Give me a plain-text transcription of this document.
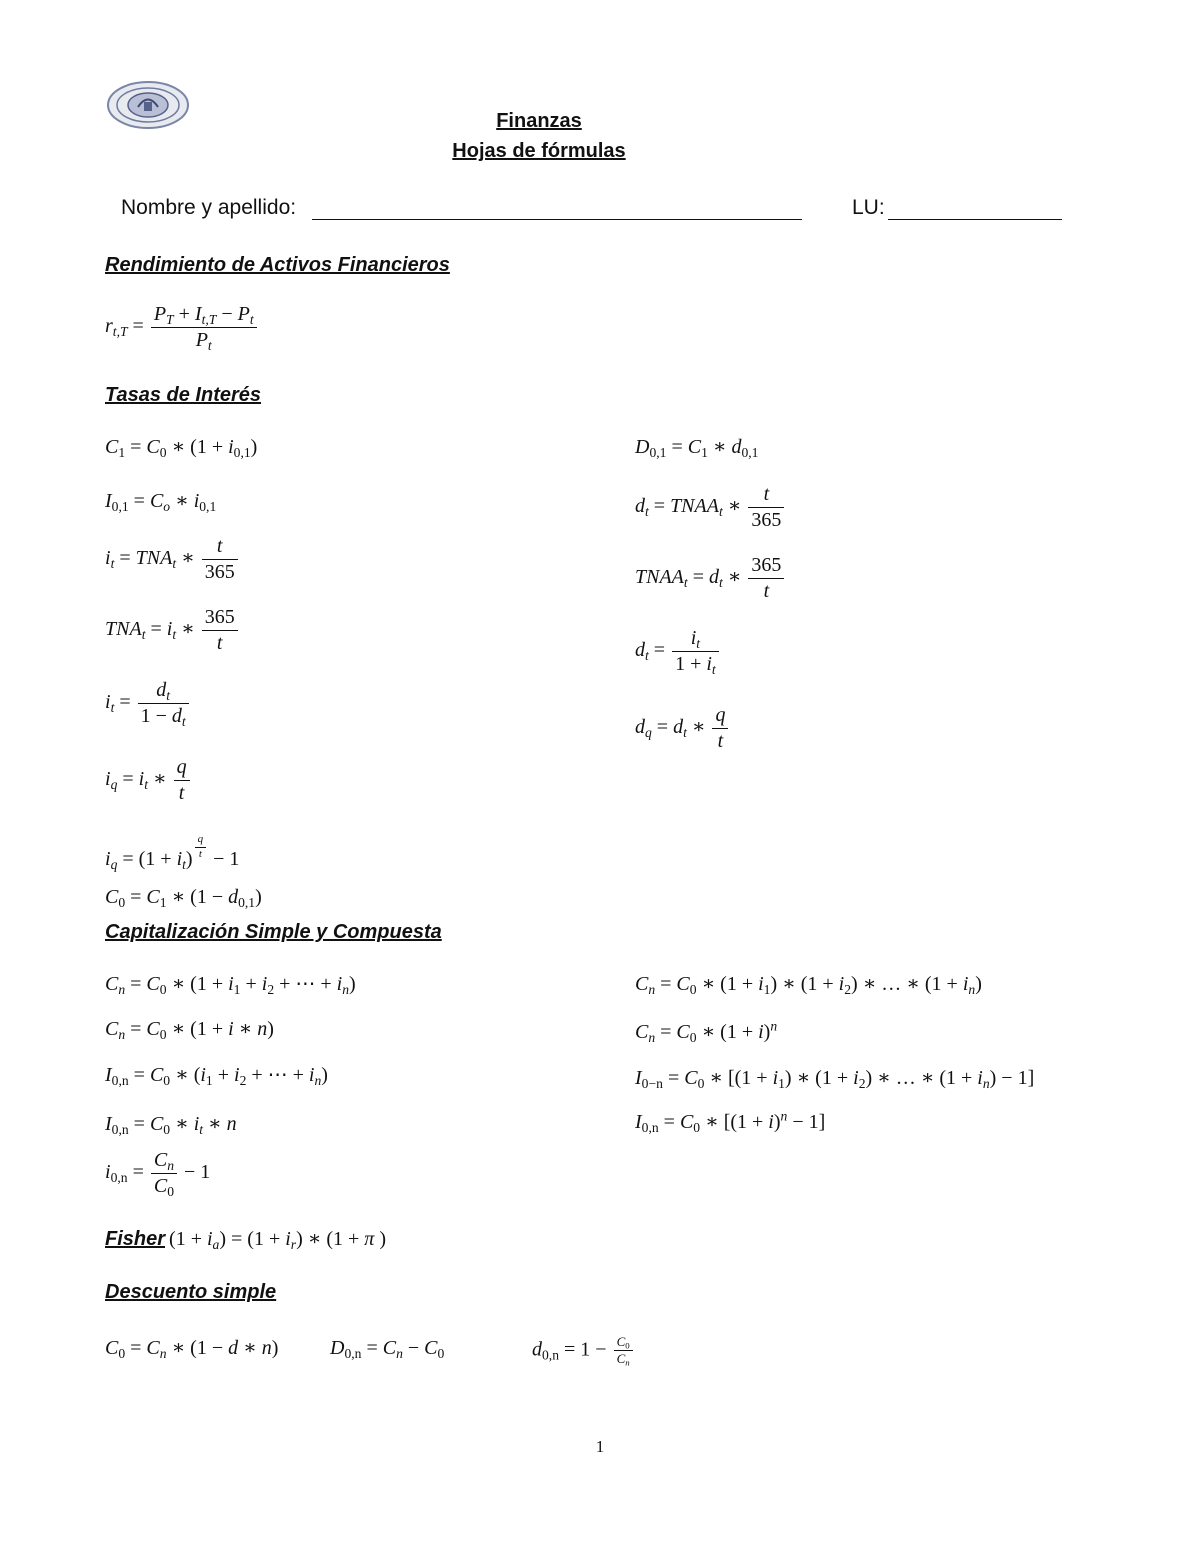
Finanzas
Hojas de fórmulas
Nombre y apellido:	LU:
Rendimiento de Activos Financieros
$r_{t,T} = \frac{P_T + I_{t,T} - P_t}{P_t}$
Tasas de Interés
$C_1 = C_0$ ∗ $(1 + i_{0,1})$
$I_{0,1} = C_o$ ∗ $i_{0,1}$
$i_t = TNA_t$ ∗ $\frac{t}{365}$
$TNA_t = i_t$ ∗ $\frac{365}{t}$
$i_t = \frac{d_t}{1 - d_t}$
$i_q = i_t$ ∗ $\frac{q}{t}$
$i_q = (1 + i_t) \frac{q}{t} - 1$
$C_0 = C_1$ ∗ $(1 - d_{0,1})$
$D_{0,1} = C_1$ ∗ $d_{0,1}$
$d_t$ = $TNAA_t$ ∗ $\frac{t}{365}$
$TNAA_t = d_t$ ∗ $\frac{365}{t}$
$d_t = \frac{i_t}{1 + i_t}$
$d_q = d_t$ ∗ $\frac{q}{t}$
Capitalización Simple y Compuesta
$C_n = C_0$ ∗ ($1 + i_1 + i_2$ + ⋯ + $i_n$)
$C_n = C_0$ ∗ (1 + i ∗ n)
$I_{0,n} = C_0$ ∗ ($i_1 + i_2$ + ⋯ + $i_n$)
$I_{0,n} = C_0$ ∗ $i_t$ ∗ n
$i_{0,n} = \frac{C_n}{C_0} - 1$
$C_n = C_0$ ∗ $(1 + i_1)$ ∗ $(1 + i_2)$ ∗ … ∗ $(1 + i_n)$
$C_n = C_0$ ∗ $(1 + i)^n$
$I_{0-n} = C_0$ ∗ [$(1 + i_1)$ ∗ $(1 + i_2)$ ∗ … ∗ $(1 + i_n) - 1$]
$I_{0,n} = C_0$ ∗ $[(1 + i)^n - 1]$
Fisher $(1 + i_a) = (1 + i_r)$ ∗ (1 + π )
Descuento simple
$C_0 = C_n$ ∗ (1 − d ∗ n)	$D_{0,n} = C_n - C_0$	$d_{0,n} = 1 - \frac{C_0}{C_n}$
1
